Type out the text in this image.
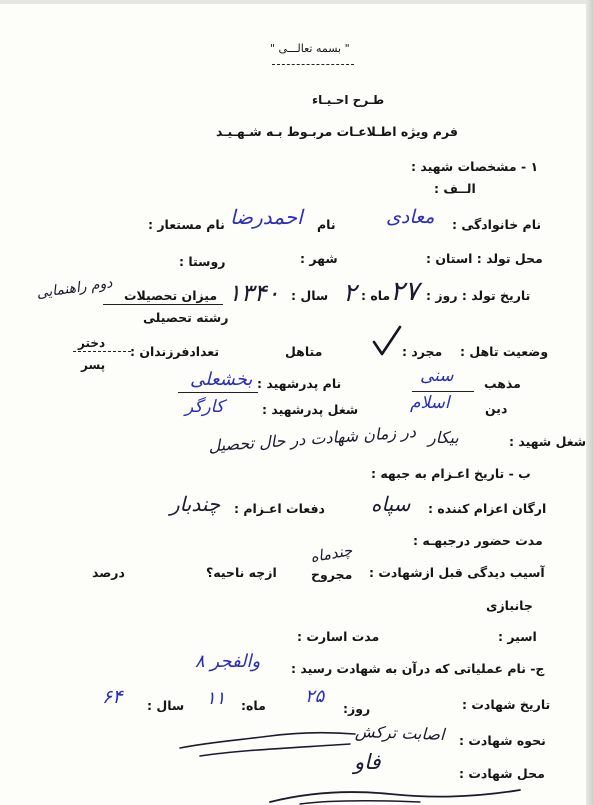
" بسمه تعالـــی "
طـرح احـیـاء
فرم ویژه اطـلاعـات مربـوط بـه شـهـیـد
۱ - مشخصات شهید :
الــف :
نام خانوادگی :
معادی
نام
احمدرضا
نام مستعار :
محل تولد : استان :
شهر :
روستا :
تاریخ تولد : روز :
۲۷
ماه :
۲
سال :
۱۳۴۰
میزان تحصیلات
دوم راهنمایی
رشته تحصیلی
وضعیت تاهل :
مجرد :
متاهل
تعدادفرزندان :
دختر
پسر
مذهب
سنی
نام پدرشهید :
بخشعلی
دین
اسلام
شغل پدرشهید :
کارگر
شغل شهید :
در زمان شهادت در حال تحصیل بیکار
ب - تاریخ اعـزام به جبهه :
ارگان اعزام کننده :
سپاه
دفعات اعـزام :
چندبار
مدت حضور درجبهـه :
چندماه
آسیب دیدگی قبل ازشهادت :
مجروح
ازچه ناحیه؟
درصد
جانبازی
اسیر :
مدت اسارت :
ج- نام عملیاتی که درآن به شهادت رسید :
والفجر ۸
تاریخ شهادت :
روز:
۲۵
ماه:
۱۱
سال :
۶۴
نحوه شهادت :
اصابت ترکش
محل شهادت :
فاو
